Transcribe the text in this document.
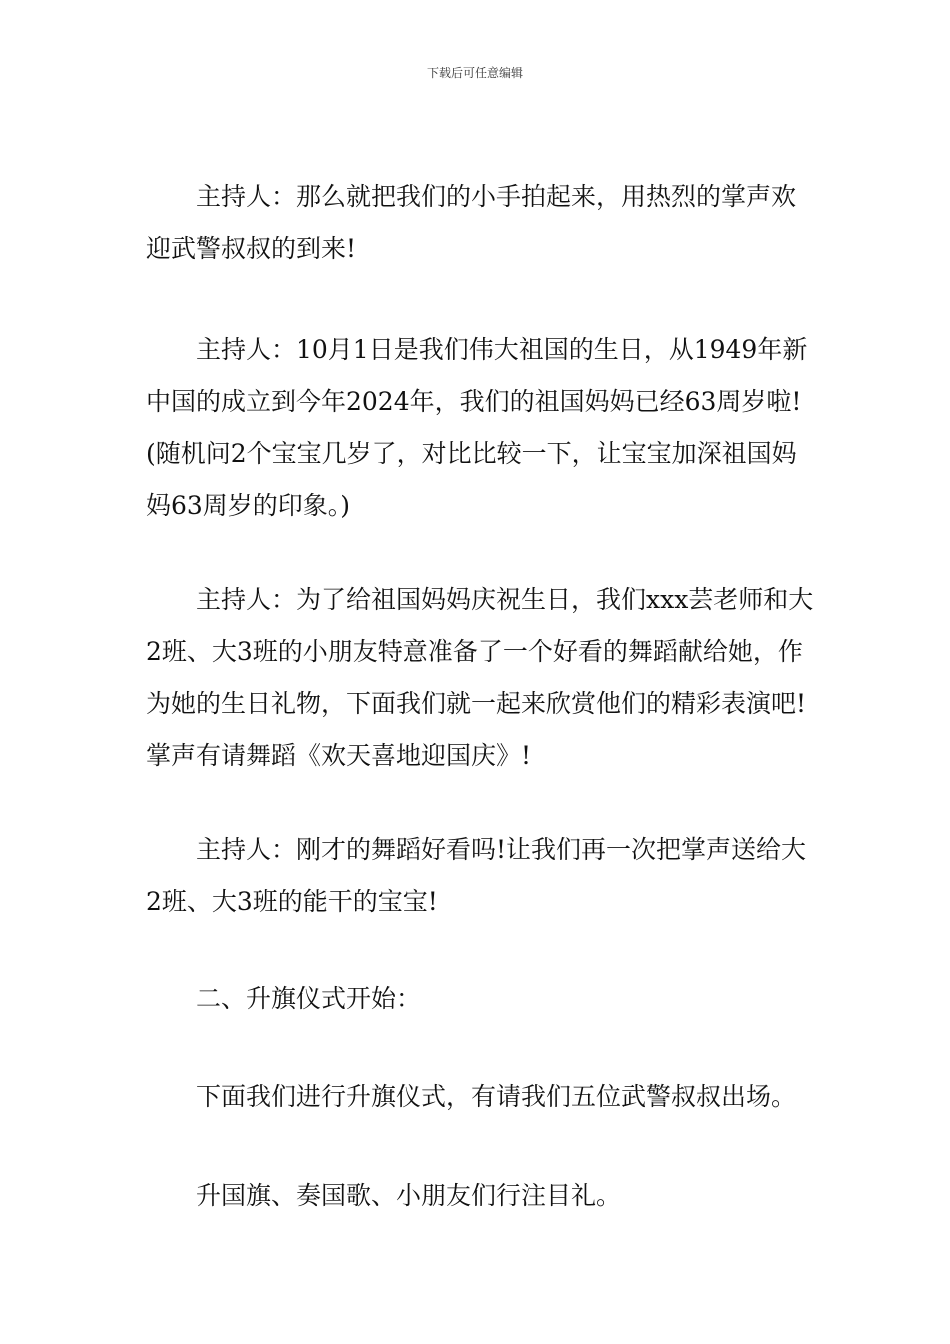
下载后可任意编辑

主持人：那么就把我们的小手拍起来，用热烈的掌声欢迎武警叔叔的到来!

主持人：10月1日是我们伟大祖国的生日，从1949年新中国的成立到今年2024年，我们的祖国妈妈已经63周岁啦!(随机问2个宝宝几岁了，对比比较一下，让宝宝加深祖国妈妈63周岁的印象。)

主持人：为了给祖国妈妈庆祝生日，我们xxx芸老师和大2班、大3班的小朋友特意准备了一个好看的舞蹈献给她，作为她的生日礼物，下面我们就一起来欣赏他们的精彩表演吧!掌声有请舞蹈《欢天喜地迎国庆》!

主持人：刚才的舞蹈好看吗!让我们再一次把掌声送给大2班、大3班的能干的宝宝!

二、升旗仪式开始：

下面我们进行升旗仪式，有请我们五位武警叔叔出场。

升国旗、奏国歌、小朋友们行注目礼。
